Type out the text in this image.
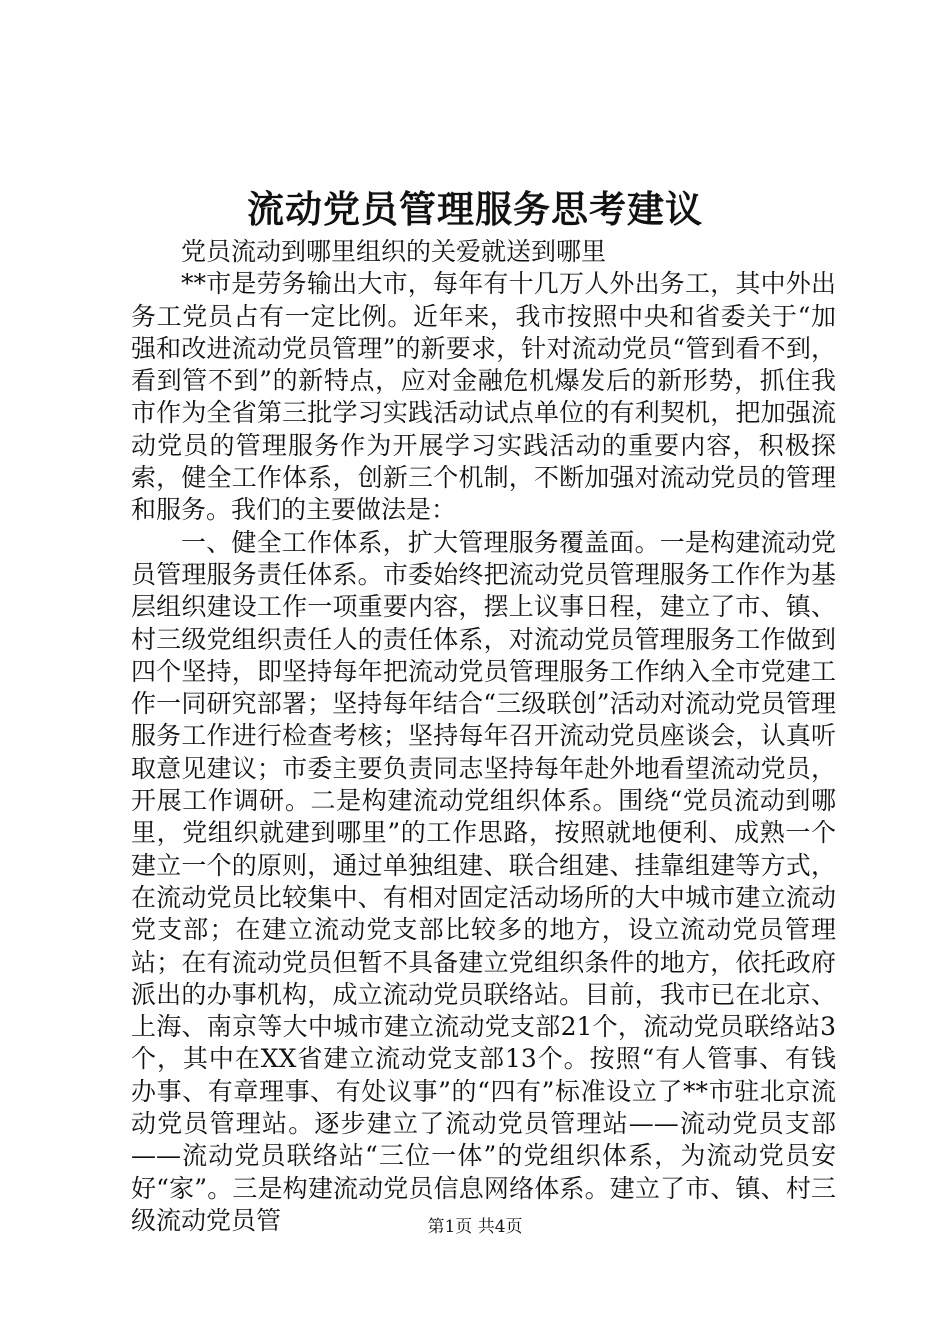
流动党员管理服务思考建议

党员流动到哪里组织的关爱就送到哪里

**市是劳务输出大市，每年有十几万人外出务工，其中外出务工党员占有一定比例。近年来，我市按照中央和省委关于“加强和改进流动党员管理”的新要求，针对流动党员“管到看不到，看到管不到”的新特点，应对金融危机爆发后的新形势，抓住我市作为全省第三批学习实践活动试点单位的有利契机，把加强流动党员的管理服务作为开展学习实践活动的重要内容，积极探索，健全工作体系，创新三个机制，不断加强对流动党员的管理和服务。我们的主要做法是：

一、健全工作体系，扩大管理服务覆盖面。一是构建流动党员管理服务责任体系。市委始终把流动党员管理服务工作作为基层组织建设工作一项重要内容，摆上议事日程，建立了市、镇、村三级党组织责任人的责任体系，对流动党员管理服务工作做到四个坚持，即坚持每年把流动党员管理服务工作纳入全市党建工作一同研究部署；坚持每年结合“三级联创”活动对流动党员管理服务工作进行检查考核；坚持每年召开流动党员座谈会，认真听取意见建议；市委主要负责同志坚持每年赴外地看望流动党员，开展工作调研。二是构建流动党组织体系。围绕“党员流动到哪里，党组织就建到哪里”的工作思路，按照就地便利、成熟一个建立一个的原则，通过单独组建、联合组建、挂靠组建等方式，在流动党员比较集中、有相对固定活动场所的大中城市建立流动党支部；在建立流动党支部比较多的地方，设立流动党员管理站；在有流动党员但暂不具备建立党组织条件的地方，依托政府派出的办事机构，成立流动党员联络站。目前，我市已在北京、上海、南京等大中城市建立流动党支部21个，流动党员联络站3个，其中在XX省建立流动党支部13个。按照“有人管事、有钱办事、有章理事、有处议事”的“四有”标准设立了**市驻北京流动党员管理站。逐步建立了流动党员管理站——流动党员支部——流动党员联络站“三位一体”的党组织体系，为流动党员安好“家”。三是构建流动党员信息网络体系。建立了市、镇、村三级流动党员管	第1页 共4页
